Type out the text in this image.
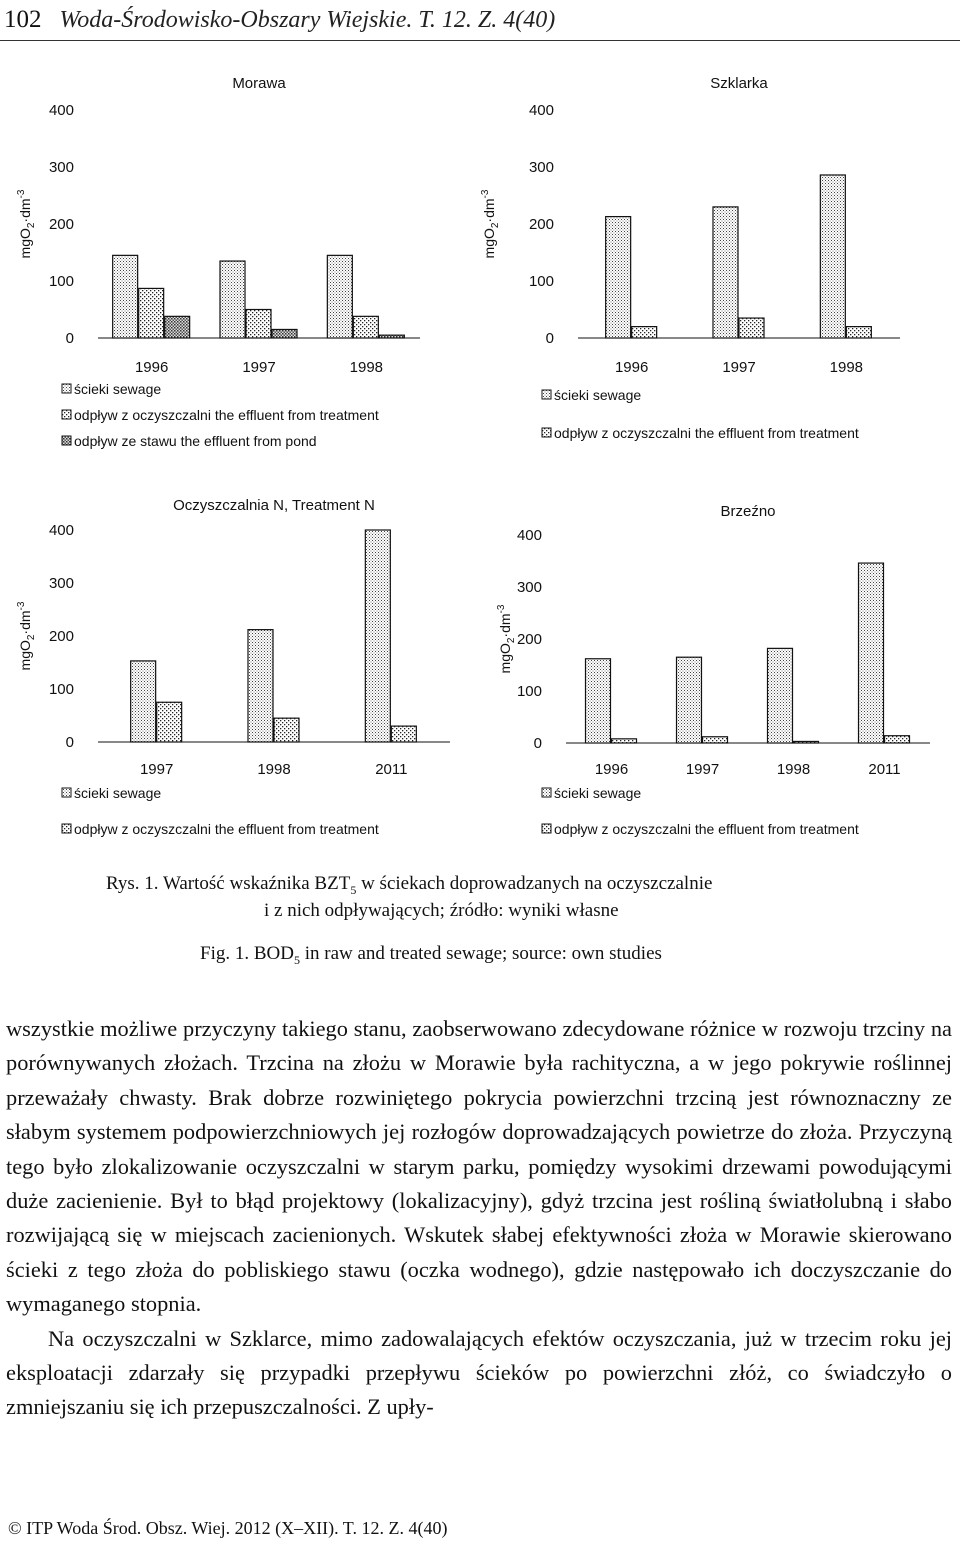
102 Woda-Środowisko-Obszary Wiejskie. T. 12. Z. 4(40)
Morawa
0
100
200
300
400
$mgO_2\cdot dm^{-3}$
1996	1997	1998
ścieki sewage
odpływ z oczyszczalni the effluent from treatment
odpływ ze stawu the effluent from pond
Szklarka
0
100
200
300
400
$mgO_2\cdot dm^{-3}$
1996	1997	1998
ścieki sewage
odpływ z oczyszczalni the effluent from treatment
Oczyszczalnia N, Treatment N
0
100
200
300
400
$mgO_2\cdot dm^{-3}$
1997	1998	2011
ścieki sewage
odpływ z oczyszczalni the effluent from treatment
Brzeźno
0
100
200
300
400
$mgO_2\cdot dm^{-3}$
1996	1997	1998	2011
ścieki sewage
odpływ z oczyszczalni the effluent from treatment
Rys. 1. Wartość wskaźnika $BZT_5$ w ściekach doprowadzanych na oczyszczalnie
i z nich odpływających; źródło: wyniki własne
Fig. 1. $BOD_5$ in raw and treated sewage; source: own studies

wszystkie możliwe przyczyny takiego stanu, zaobserwowano zdecydowane różnice w rozwoju trzciny na porównywanych złożach. Trzcina na złożu w Morawie była rachityczna, a w jego pokrywie roślinnej przeważały chwasty. Brak dobrze rozwiniętego pokrycia powierzchni trzciną jest równoznaczny ze słabym systemem podpowierzchniowych jej rozłogów doprowadzających powietrze do złoża. Przyczyną tego było zlokalizowanie oczyszczalni w starym parku, pomiędzy wysokimi drzewami powodującymi duże zacienienie. Był to błąd projektowy (lokalizacyjny), gdyż trzcina jest rośliną światłolubną i słabo rozwijającą się w miejscach zacienionych. Wskutek słabej efektywności złoża w Morawie skierowano ścieki z tego złoża do pobliskiego stawu (oczka wodnego), gdzie następowało ich doczyszczanie do wymaganego stopnia.

Na oczyszczalni w Szklarce, mimo zadowalających efektów oczyszczania, już w trzecim roku jej eksploatacji zdarzały się przypadki przepływu ścieków po powierzchni złóż, co świadczyło o zmniejszaniu się ich przepuszczalności. Z upły-

© ITP Woda Środ. Obsz. Wiej. 2012 (X–XII). T. 12. Z. 4(40)
